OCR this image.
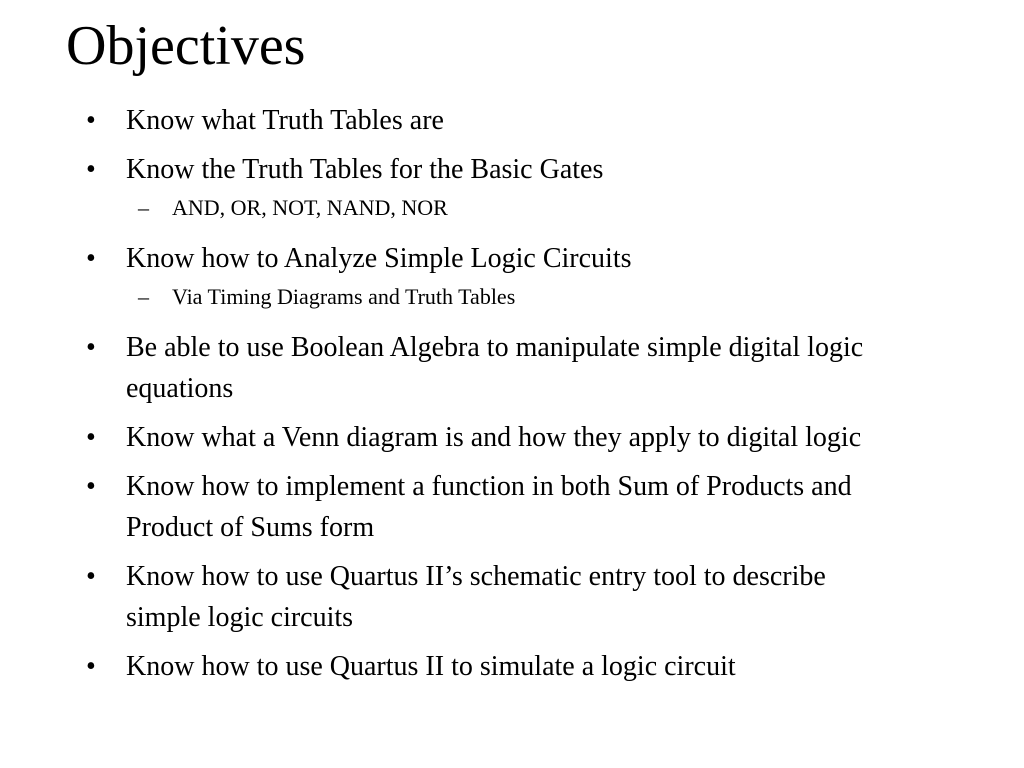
Objectives
•	Know what Truth Tables are
•	Know the Truth Tables for the Basic Gates
–	AND, OR, NOT, NAND, NOR
•	Know how to Analyze Simple Logic Circuits
–	Via Timing Diagrams and Truth Tables
•	Be able to use Boolean Algebra to manipulate simple digital logic equations
•	Know what a Venn diagram is and how they apply to digital logic
•	Know how to implement a function in both Sum of Products and Product of Sums form
•	Know how to use Quartus II’s schematic entry tool to describe simple logic circuits
•	Know how to use Quartus II to simulate a logic circuit
